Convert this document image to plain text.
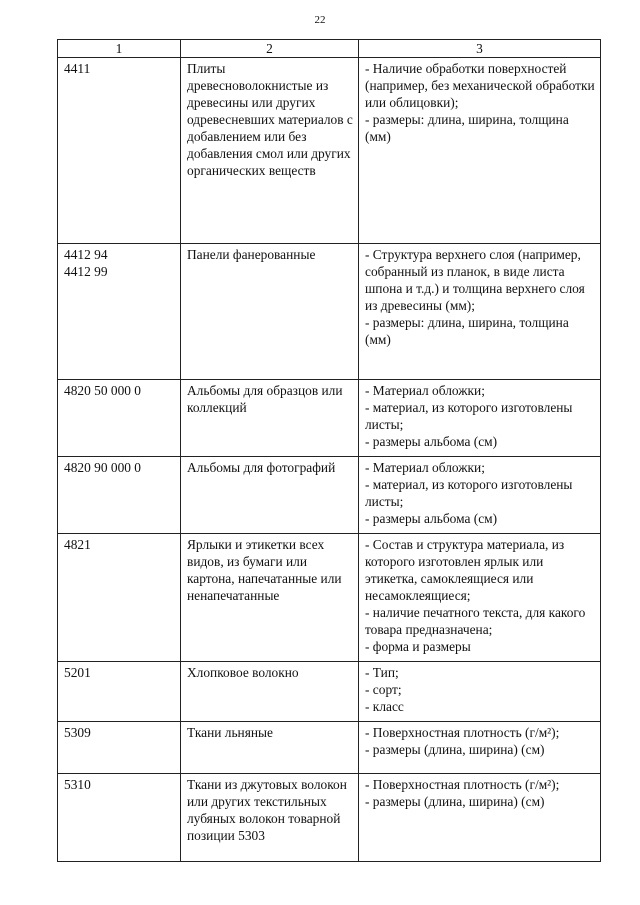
22
1	2	3

4411	Плиты древесноволокнистые из древесины или других одревесневших материалов с добавлением или без добавления смол или других органических веществ	- Наличие обработки поверхностей (например, без механической обработки или облицовки);
- размеры: длина, ширина, толщина (мм)

4412 94
4412 99	Панели фанерованные	- Структура верхнего слоя (например, собранный из планок, в виде листа шпона и т.д.) и толщина верхнего слоя из древесины (мм);
- размеры: длина, ширина, толщина (мм)

4820 50 000 0	Альбомы для образцов или коллекций	- Материал обложки;
- материал, из которого изготовлены листы;
- размеры альбома (см)

4820 90 000 0	Альбомы для фотографий	- Материал обложки;
- материал, из которого изготовлены листы;
- размеры альбома (см)

4821	Ярлыки и этикетки всех видов, из бумаги или картона, напечатанные или ненапечатанные	- Состав и структура материала, из которого изготовлен ярлык или этикетка, самоклеящиеся или несамоклеящиеся;
- наличие печатного текста, для какого товара предназначена;
- форма и размеры

5201	Хлопковое волокно	- Тип;
- сорт;
- класс

5309	Ткани льняные	- Поверхностная плотность (г/м²);
- размеры (длина, ширина) (см)

5310	Ткани из джутовых волокон или других текстильных лубяных волокон товарной позиции 5303	- Поверхностная плотность (г/м²);
- размеры (длина, ширина) (см)
